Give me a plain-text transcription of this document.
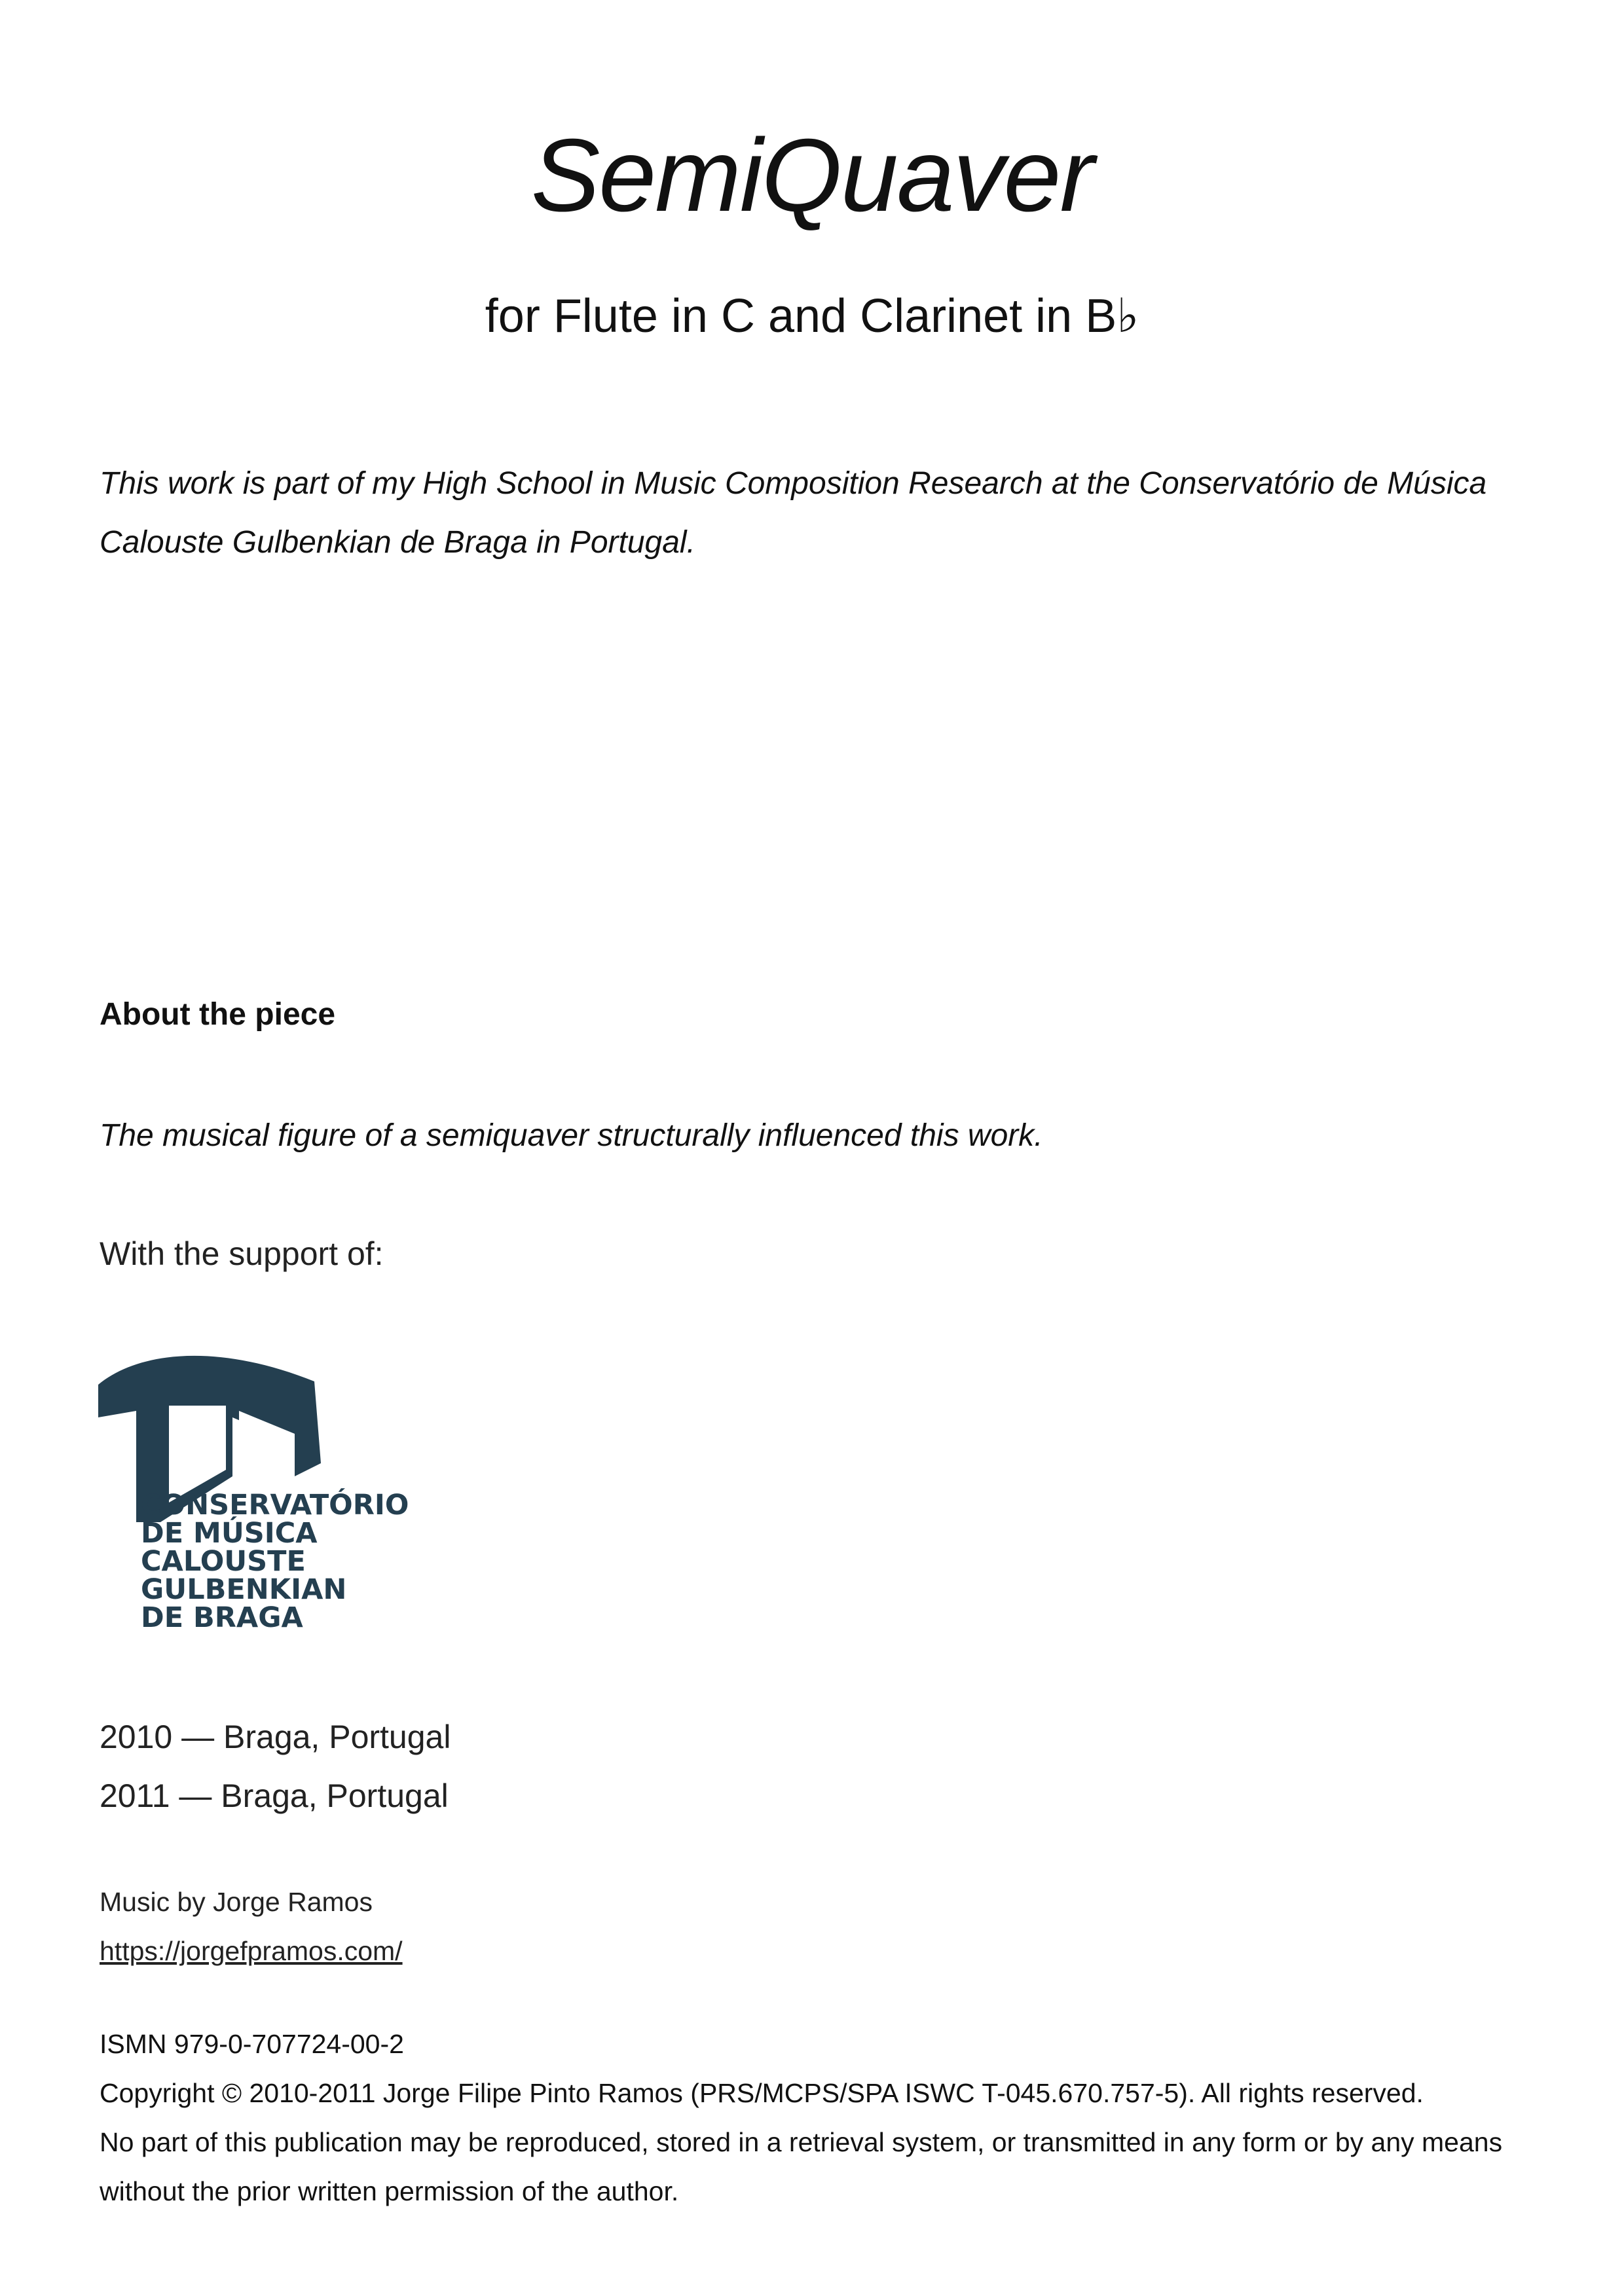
SemiQuaver
for Flute in C and Clarinet in B♭

This work is part of my High School in Music Composition Research at the Conservatório de Música Calouste Gulbenkian de Braga in Portugal.

About the piece

The musical figure of a semiquaver structurally influenced this work.

With the support of:

CONSERVATÓRIO
DE MÚSICA
CALOUSTE
GULBENKIAN
DE BRAGA
2010 — Braga, Portugal
2011 — Braga, Portugal
Music by Jorge Ramos
https://jorgefpramos.com/
ISMN 979-0-707724-00-2
Copyright © 2010-2011 Jorge Filipe Pinto Ramos (PRS/MCPS/SPA ISWC T-045.670.757-5). All rights reserved.
No part of this publication may be reproduced, stored in a retrieval system, or transmitted in any form or by any means without the prior written permission of the author.
